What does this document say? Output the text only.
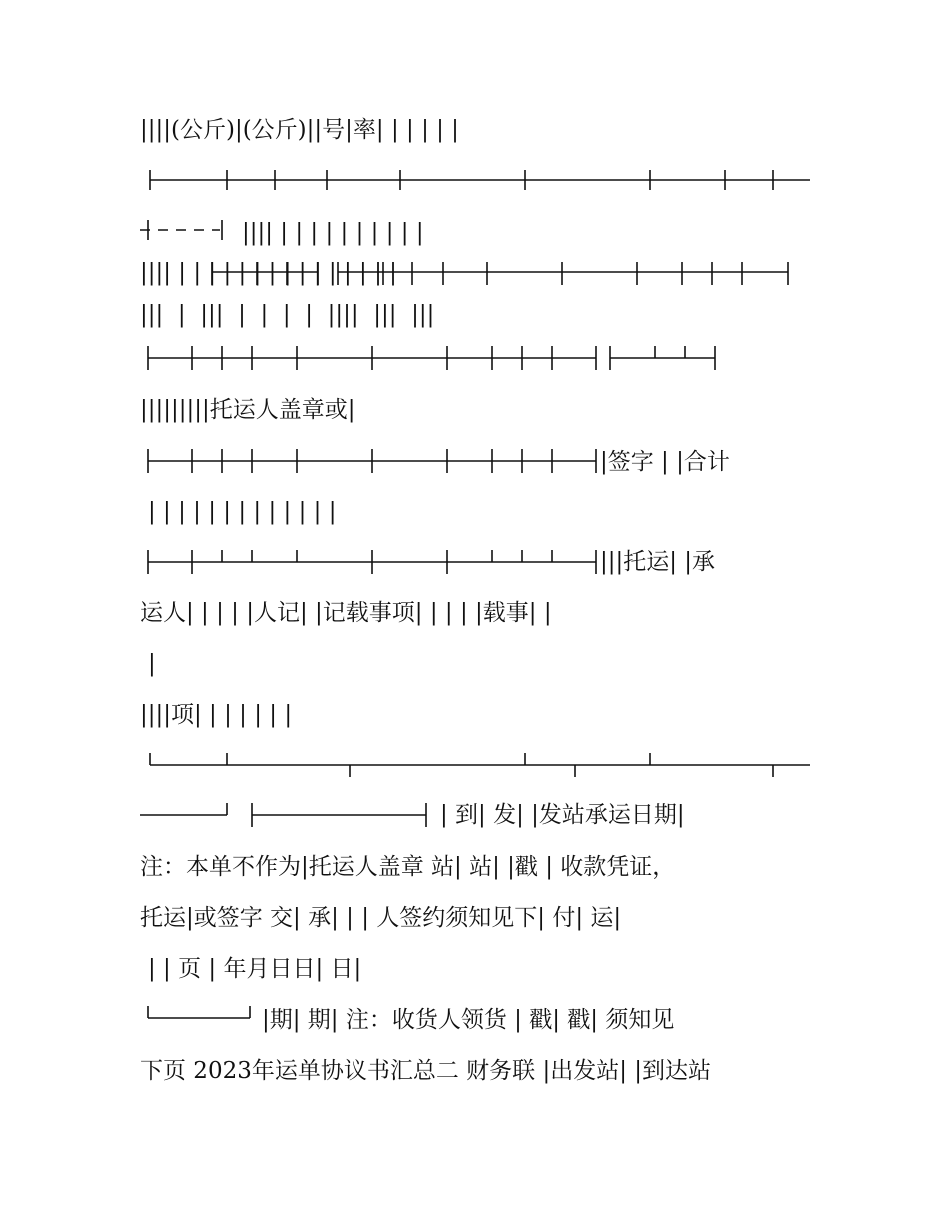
||||(公斤)|(公斤)||号|率| | | | | |
|||| | | | | | | | | | |
|||| | | | | | | | | | | | | | | |
|||  |  |||  |  |  |  |  ||||  |||  |||
|||||||||托运人盖章或|
|签字 | |合计
| | | | | | | | | | | | |
|||托运| |承
运人| | | | |人记| |记载事项| | | | |载事| |
|
||||项| | | | | | |
| 到| 发| |发站承运日期|
注：本单不作为|托运人盖章 站| 站| |戳 | 收款凭证，
托运|或签字 交| 承| | | 人签约须知见下| 付| 运|
| | 页 | 年月日日| 日|
|期| 期| 注：收货人领货 | 戳| 戳| 须知见
下页 2023年运单协议书汇总二 财务联 |出发站| |到达站
